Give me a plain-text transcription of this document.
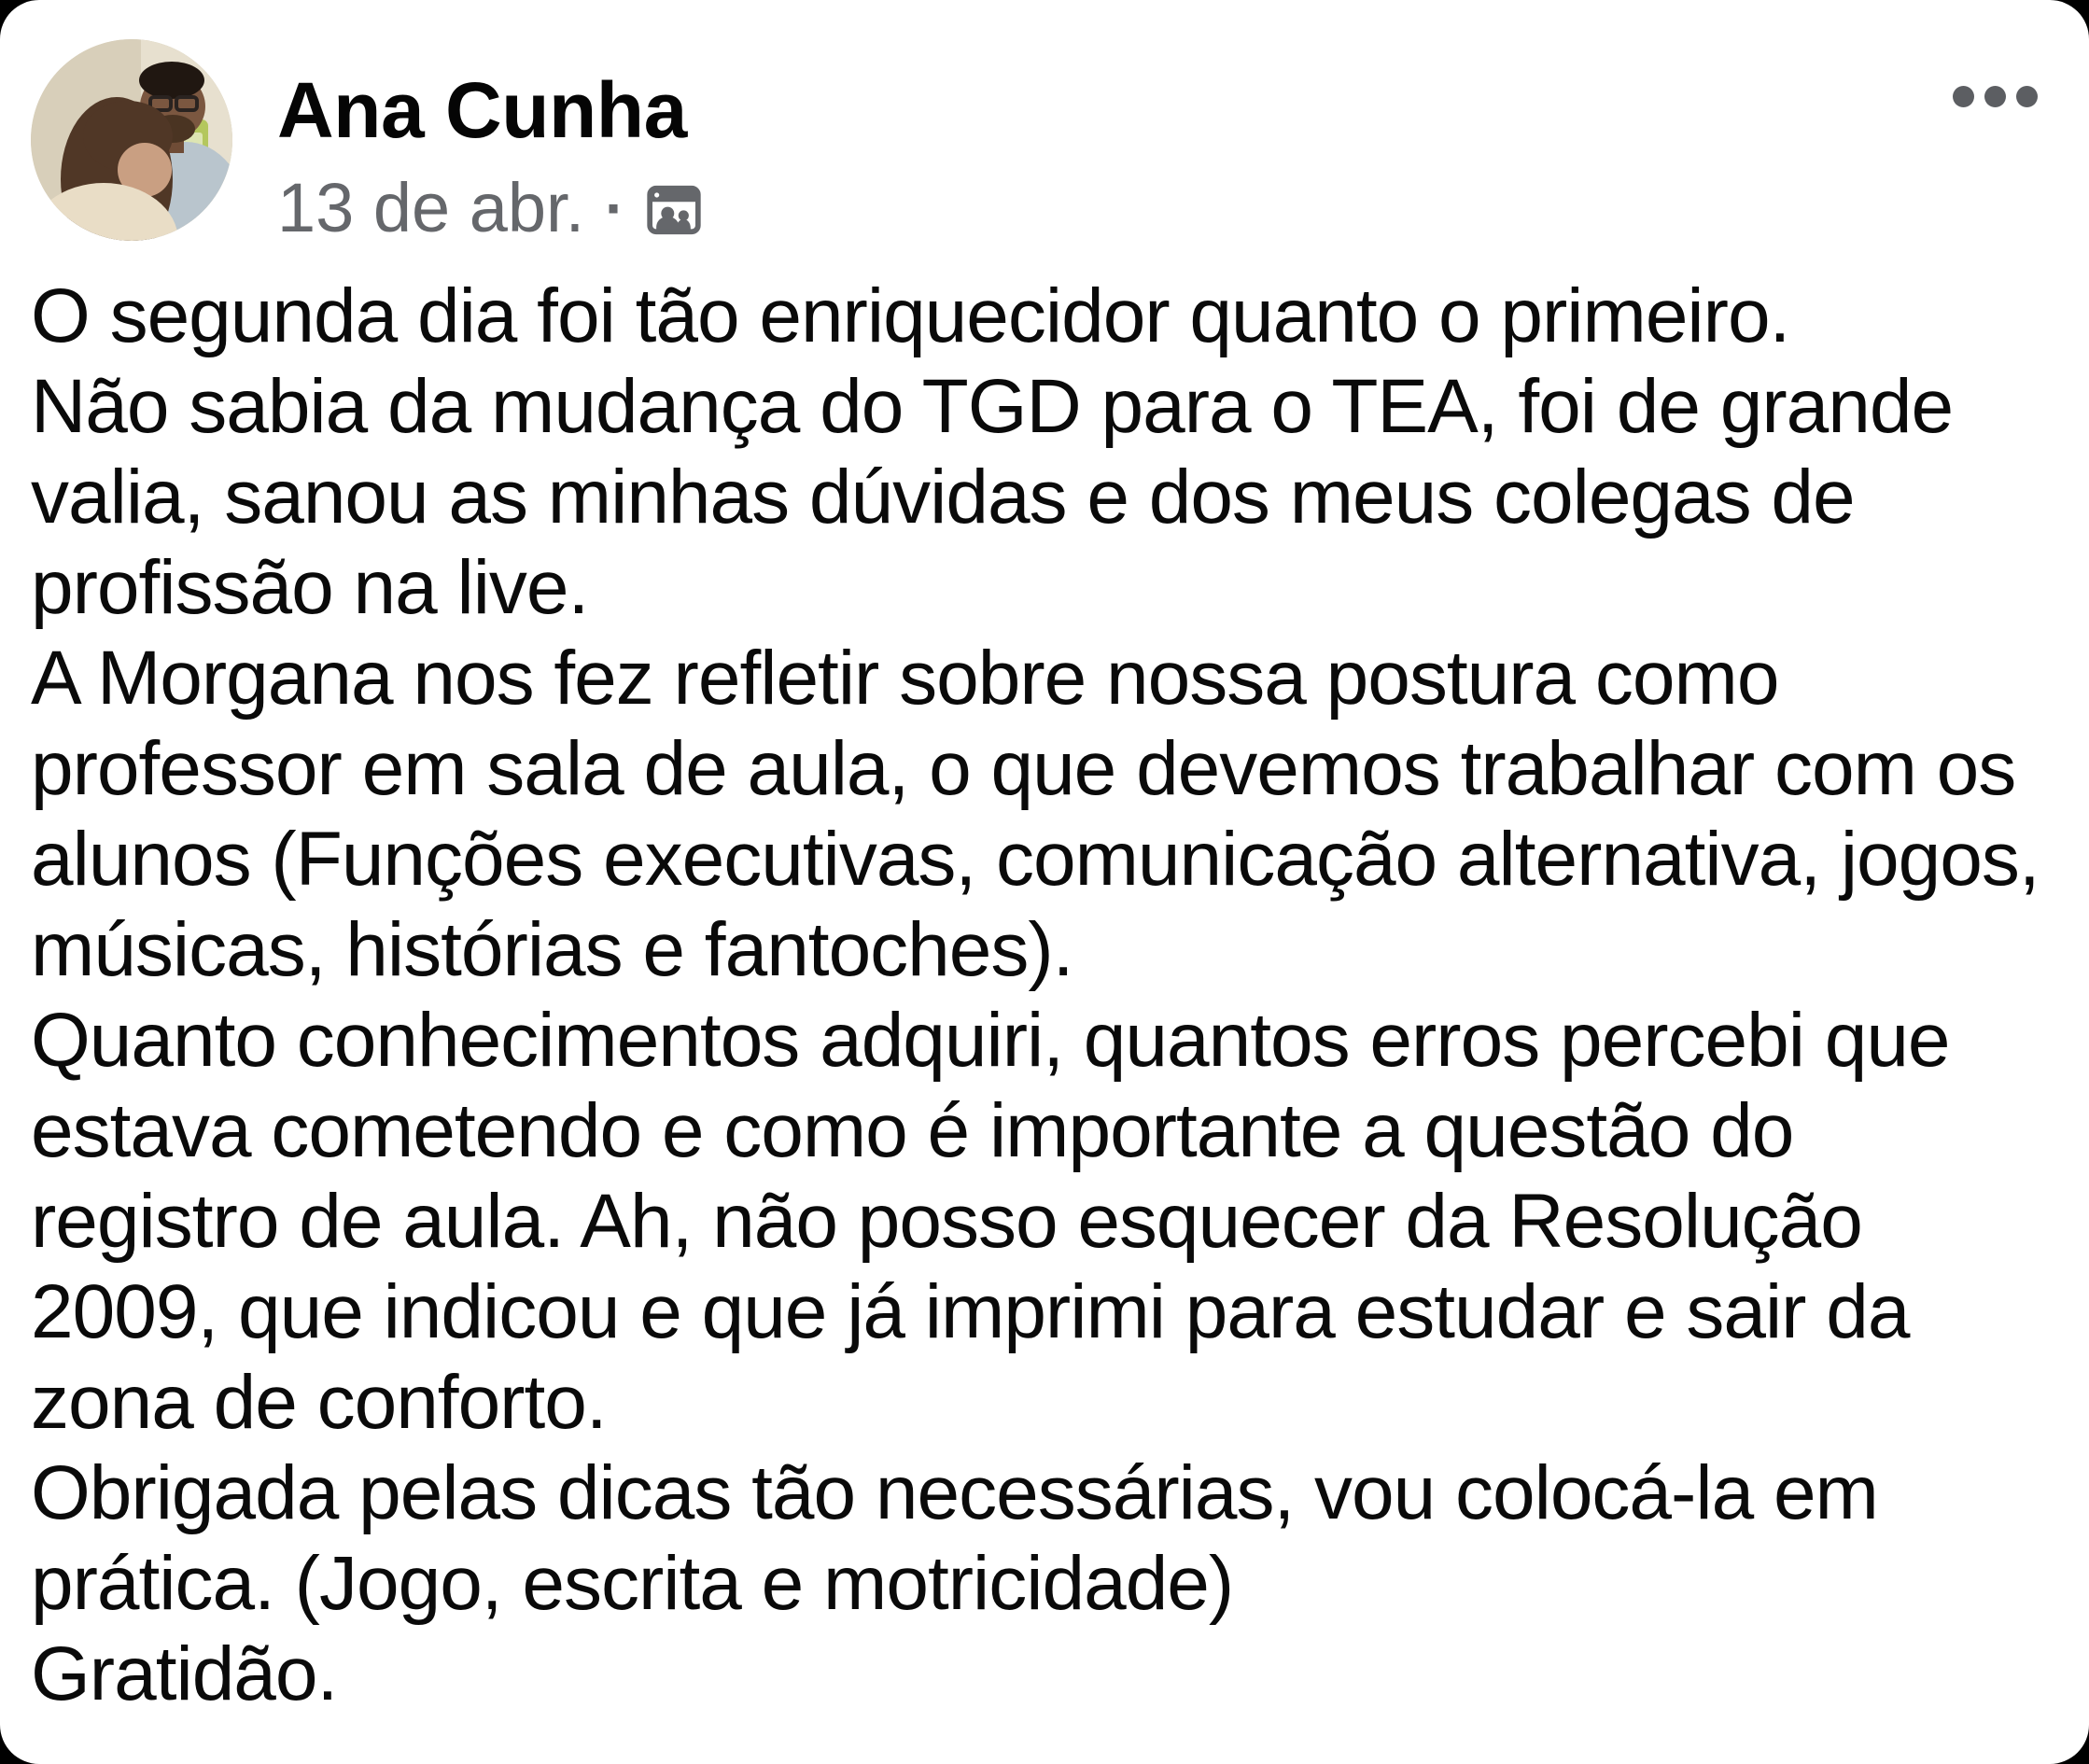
Ana Cunha
13 de abr. ·
O segunda dia foi tão enriquecidor quanto o primeiro.
Não sabia da mudança do TGD para o TEA, foi de grande valia, sanou as minhas dúvidas e dos meus colegas de profissão na live.
A Morgana nos fez refletir sobre nossa postura como professor em sala de aula, o que devemos trabalhar com os alunos (Funções executivas, comunicação alternativa, jogos, músicas, histórias e fantoches).
Quanto conhecimentos adquiri, quantos erros percebi que estava cometendo e como é importante a questão do registro de aula. Ah, não posso esquecer da Resolução 2009, que indicou e que já imprimi para estudar e sair da zona de conforto.
Obrigada pelas dicas tão necessárias, vou colocá-la em prática. (Jogo, escrita e motricidade)
Gratidão.
